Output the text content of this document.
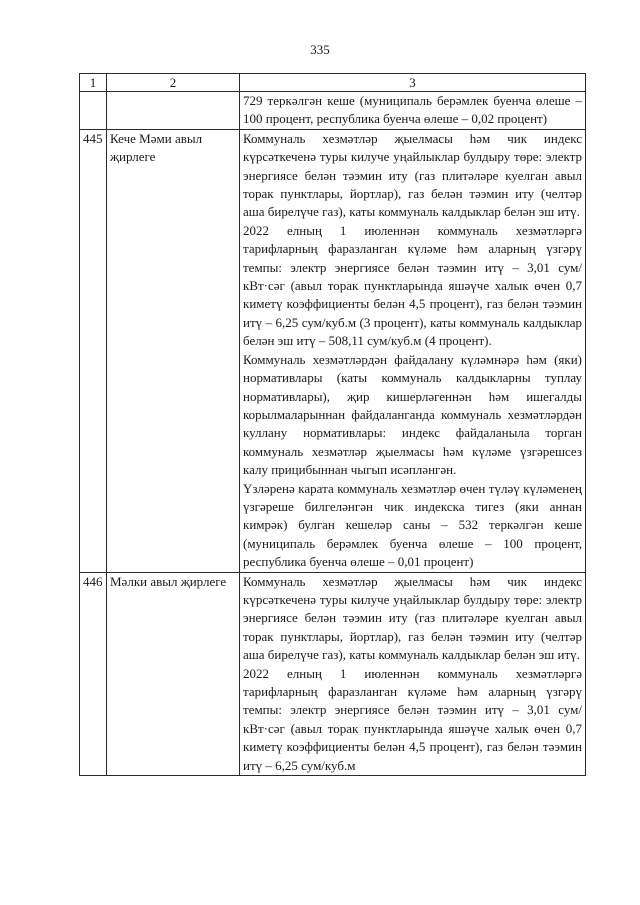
335
1	2	3

		729 теркәлгән кеше (муниципаль берәмлек буенча өлеше – 100 процент, республика буенча өлеше – 0,02 процент)

445	Кече Мәми авыл җирлеге	Коммуналь хезмәтләр җыелмасы һәм чик индекс күрсәткеченә туры килучe уңайлыклар булдыру төре: электр энергиясе белән тәэмин иту (газ плитәләре куелган авыл торак пунктлары, йортлар), газ белән тәэмин иту (челтәр аша бирелүче газ), каты коммуналь калдыклар белән эш итү.

2022 елның 1 июленнән коммуналь хезмәтләргә тарифларның фаразланган күләме һәм аларның үзгәрү темпы: электр энергиясе белән тәэмин итү – 3,01 сум/кВт·сәг (авыл торак пунктларында яшәүче халык өчен 0,7 киметү коэффициенты белән 4,5 процент), газ белән тәэмин итү – 6,25 сум/куб.м (3 процент), каты коммуналь калдыклар белән эш итү – 508,11 сум/куб.м (4 процент).

Коммуналь хезмәтләрдән файдалану күләмнәрә һәм (яки) нормативлары (каты коммуналь калдыкларны туплау нормативлары), җир кишерләгеннән һәм ишегалды корылмаларыннан файдаланганда коммуналь хезмәтләрдән куллану нормативлары: индекс файдаланыла торган коммуналь хезмәтләр җыелмасы һәм күләме үзгәрешсез калу прицибыннан чыгып исәпләнгән.

Үзләренә карата коммуналь хезмәтләр өчен түләү күләменең үзгәреше билгеләнгән чик индекска тигез (яки аннан кимрәк) булган кешеләр саны – 532 теркәлгән кеше (муниципаль берәмлек буенча өлеше – 100 процент, республика буенча өлеше – 0,01 процент)

446	Мәлки авыл җирлеге	Коммуналь хезмәтләр җыелмасы һәм чик индекс күрсәткеченә туры килучe уңайлыклар булдыру төре: электр энергиясе белән тәэмин иту (газ плитәләре куелган авыл торак пунктлары, йортлар), газ белән тәэмин иту (челтәр аша бирелүче газ), каты коммуналь калдыклар белән эш итү.

2022 елның 1 июленнән коммуналь хезмәтләргә тарифларның фаразланган күләме һәм аларның үзгәрү темпы: электр энергиясе белән тәэмин итү – 3,01 сум/кВт·сәг (авыл торак пунктларында яшәүче халык өчен 0,7 киметү коэффициенты белән 4,5 процент), газ белән тәэмин итү – 6,25 сум/куб.м
